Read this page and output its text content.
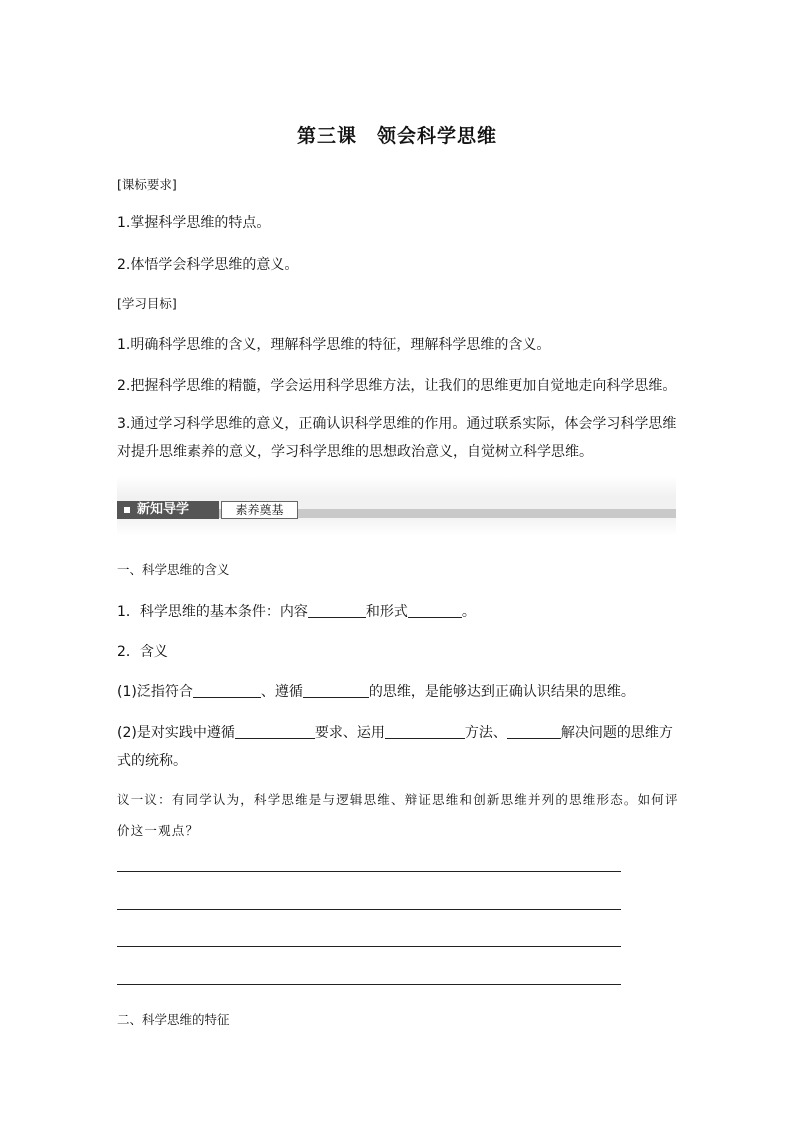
第三课　领会科学思维
[课标要求]
1.掌握科学思维的特点。
2.体悟学会科学思维的意义。
[学习目标]
1.明确科学思维的含义，理解科学思维的特征，理解科学思维的含义。
2.把握科学思维的精髓，学会运用科学思维方法，让我们的思维更加自觉地走向科学思维。
3.通过学习科学思维的意义，正确认识科学思维的作用。通过联系实际，体会学习科学思维对提升思维素养的意义，学习科学思维的思想政治意义，自觉树立科学思维。
新知导学	素养奠基
一、科学思维的含义
1．科学思维的基本条件：内容	和形式	。
2．含义
(1)泛指符合	、遵循	的思维，是能够达到正确认识结果的思维。
(2)是对实践中遵循	要求、运用	方法、	解决问题的思维方
式的统称。
议一议：有同学认为，科学思维是与逻辑思维、辩证思维和创新思维并列的思维形态。如何评价这一观点？
二、科学思维的特征
